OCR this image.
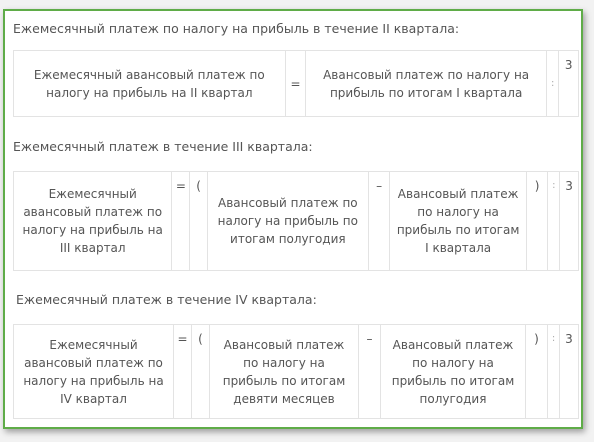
Ежемесячный платеж по налогу на прибыль в течение II квартала:
Ежемесячный авансовый платеж по налогу на прибыль на II квартал	=	Авансовый платеж по налогу на прибыль по итогам I квартала	:	3
Ежемесячный платеж в течение III квартала:
Ежемесячный авансовый платеж по налогу на прибыль на III квартал	=	(	Авансовый платеж по налогу на прибыль по итогам полугодия	–	Авансовый платеж по налогу на прибыль по итогам I квартала	)	:	3
Ежемесячный платеж в течение IV квартала:
Ежемесячный авансовый платеж по налогу на прибыль на IV квартал	=	(	Авансовый платеж по налогу на прибыль по итогам девяти месяцев	–	Авансовый платеж по налогу на прибыль по итогам полугодия	)	:	3
